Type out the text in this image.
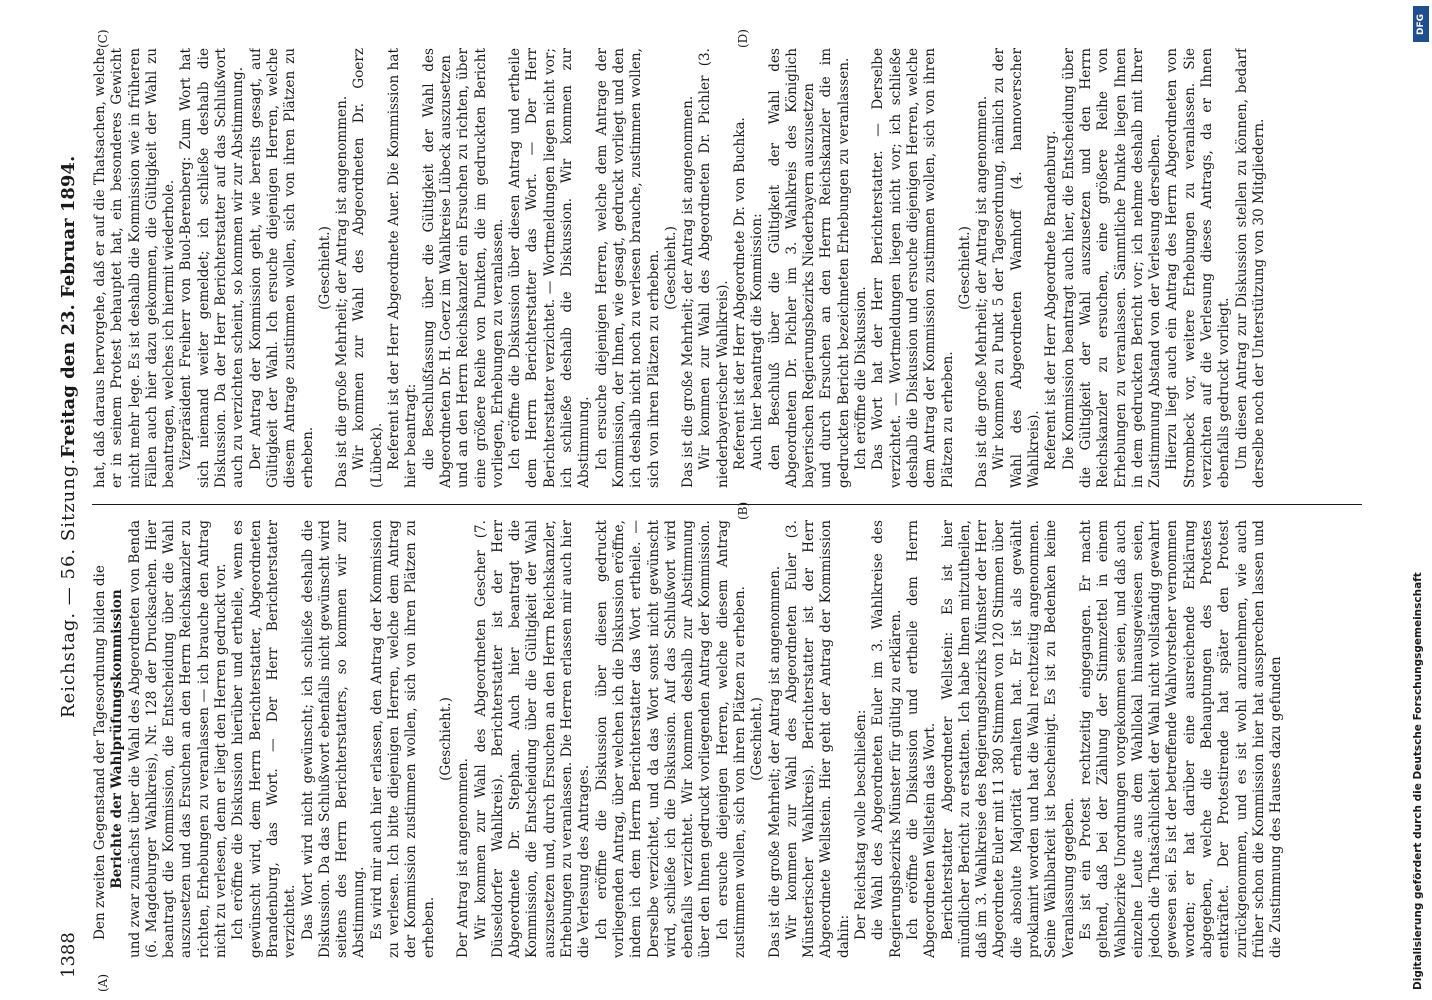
1388
Reichstag. — 56. Sitzung.
Freitag den 23. Februar 1894.
(A)
(B)
(C)	(D)

Den zweiten Gegenstand der Tagesordnung bilden die Berichte der Wahlprüfungskommission und zwar zunächst über die Wahl des Abgeordneten von Benda (6. Magdeburger Wahlkreis), Nr. 128 der Drucksachen. Hier beantragt die Kommission, die Entscheidung über die Wahl auszusetzen und das Ersuchen an den Herrn Reichskanzler zu richten, Erhebungen zu veranlassen — ich brauche den Antrag nicht zu verlesen, denn er liegt den Herren gedruckt vor. Ich eröffne die Diskussion hierüber und ertheile, wenn es gewünscht wird, dem Herrn Berichterstatter, Abgeordneten Brandenburg, das Wort. — Der Herr Berichterstatter verzichtet. Das Wort wird nicht gewünscht; ich schließe deshalb die Diskussion. Da das Schlußwort ebenfalls nicht gewünscht wird seitens des Herrn Berichterstatters, so kommen wir zur Abstimmung. Es wird mir auch hier erlassen, den Antrag der Kommission zu verlesen. Ich bitte diejenigen Herren, welche dem Antrag der Kommission zustimmen wollen, sich von ihren Plätzen zu erheben.

(Geschieht.)

Der Antrag ist angenommen. Wir kommen zur Wahl des Abgeordneten Gescher (7. Düsseldorfer Wahlkreis). Berichterstatter ist der Herr Abgeordnete Dr. Stephan. Auch hier beantragt die Kommission, die Entscheidung über die Gültigkeit der Wahl auszusetzen und, durch Ersuchen an den Herrn Reichskanzler, Erhebungen zu veranlassen. Die Herren erlassen mir auch hier die Verlesung des Antrages. Ich eröffne die Diskussion über diesen gedruckt vorliegenden Antrag, über welchen ich die Diskussion eröffne, indem ich dem Herrn Berichterstatter das Wort ertheile. — Derselbe verzichtet, und da das Wort sonst nicht gewünscht wird, schließe ich die Diskussion. Auf das Schlußwort wird ebenfalls verzichtet. Wir kommen deshalb zur Abstimmung über den Ihnen gedruckt vorliegenden Antrag der Kommission. Ich ersuche diejenigen Herren, welche diesem Antrag zustimmen wollen, sich von ihren Plätzen zu erheben. (Geschieht.) Das ist die große Mehrheit; der Antrag ist angenommen. Wir kommen zur Wahl des Abgeordneten Euler (3. Münsterischer Wahlkreis). Berichterstatter ist der Herr Abgeordnete Wellstein. Hier geht der Antrag der Kommission dahin: Der Reichstag wolle beschließen: die Wahl des Abgeordneten Euler im 3. Wahlkreise des Regierungsbezirks Münster für gültig zu erklären. Ich eröffne die Diskussion und ertheile dem Herrn Abgeordneten Wellstein das Wort. Berichterstatter Abgeordneter Wellstein: Es ist hier mündlicher Bericht zu erstatten. Ich habe Ihnen mitzutheilen, daß im 3. Wahlkreise des Regierungsbezirks Münster der Herr Abgeordnete Euler mit 11 380 Stimmen von 120 Stimmen über die absolute Majorität erhalten hat. Er ist als gewählt proklamirt worden und hat die Wahl rechtzeitig angenommen. Seine Wählbarkeit ist bescheinigt. Es ist zu Bedenken keine Veranlassung gegeben. Es ist ein Protest rechtzeitig eingegangen. Er macht geltend, daß bei der Zählung der Stimmzettel in einem Wahlbezirke Unordnungen vorgekommen seien, und daß auch einzelne Leute aus dem Wahllokal hinausgewiesen seien, jedoch die Thatsächlichkeit der Wahl nicht vollständig gewahrt gewesen sei. Es ist der betreffende Wahlvorsteher vernommen worden; er hat darüber eine ausreichende Erklärung abgegeben, welche die Behauptungen des Protestes entkräftet. Der Protestirende hat später den Protest zurückgenommen, und es ist wohl anzunehmen, wie auch früher schon die Kommission hier hat aussprechen lassen und die Zustimmung des Hauses dazu gefunden

hat, daß daraus hervorgehe, daß er auf die Thatsachen, welche er in seinem Protest behauptet hat, ein besonderes Gewicht nicht mehr lege. Es ist deshalb die Kommission wie in früheren Fällen auch hier dazu gekommen, die Gültigkeit der Wahl zu beantragen, welches ich hiermit wiederhole. Vizepräsident Freiherr von Buol-Berenberg: Zum Wort hat sich niemand weiter gemeldet; ich schließe deshalb die Diskussion. Da der Herr Berichterstatter auf das Schlußwort auch zu verzichten scheint, so kommen wir zur Abstimmung. Der Antrag der Kommission geht, wie bereits gesagt, auf Gültigkeit der Wahl. Ich ersuche diejenigen Herren, welche diesem Antrage zustimmen wollen, sich von ihren Plätzen zu erheben.

(Geschieht.) Das ist die große Mehrheit; der Antrag ist angenommen. Wir kommen zur Wahl des Abgeordneten Dr. Goerz (Lübeck). Referent ist der Herr Abgeordnete Auer. Die Kommission hat hier beantragt: die Beschlußfassung über die Gültigkeit der Wahl des Abgeordneten Dr. H. Goerz im Wahlkreise Lübeck auszusetzen und an den Herrn Reichskanzler ein Ersuchen zu richten, über eine größere Reihe von Punkten, die im gedruckten Bericht vorliegen, Erhebungen zu veranlassen. Ich eröffne die Diskussion über diesen Antrag und ertheile dem Herrn Berichterstatter das Wort. — Der Herr Berichterstatter verzichtet. — Wortmeldungen liegen nicht vor; ich schließe deshalb die Diskussion. Wir kommen zur Abstimmung. Ich ersuche diejenigen Herren, welche dem Antrage der Kommission, der Ihnen, wie gesagt, gedruckt vorliegt und den ich deshalb nicht noch zu verlesen brauche, zustimmen wollen, sich von ihren Plätzen zu erheben. (Geschieht.) Das ist die große Mehrheit; der Antrag ist angenommen. Wir kommen zur Wahl des Abgeordneten Dr. Pichler (3. niederbayerischer Wahlkreis). Referent ist der Herr Abgeordnete Dr. von Buchka. Auch hier beantragt die Kommission: den Beschluß über die Gültigkeit der Wahl des Abgeordneten Dr. Pichler im 3. Wahlkreis des Königlich bayerischen Regierungsbezirks Niederbayern auszusetzen und durch Ersuchen an den Herrn Reichskanzler die im gedruckten Bericht bezeichneten Erhebungen zu veranlassen. Ich eröffne die Diskussion. Das Wort hat der Herr Berichterstatter. — Derselbe verzichtet. — Wortmeldungen liegen nicht vor; ich schließe deshalb die Diskussion und ersuche diejenigen Herren, welche dem Antrag der Kommission zustimmen wollen, sich von ihren Plätzen zu erheben.

(Geschieht.) Das ist die große Mehrheit; der Antrag ist angenommen. Wir kommen zu Punkt 5 der Tagesordnung, nämlich zu der Wahl des Abgeordneten Wamhoff (4. hannoverscher Wahlkreis). Referent ist der Herr Abgeordnete Brandenburg. Die Kommission beantragt auch hier, die Entscheidung über die Gültigkeit der Wahl auszusetzen und den Herrn Reichskanzler zu ersuchen, eine größere Reihe von Erhebungen zu veranlassen. Sämmtliche Punkte liegen Ihnen in dem gedruckten Bericht vor; ich nehme deshalb mit Ihrer Zustimmung Abstand von der Verlesung derselben. Hierzu liegt auch ein Antrag des Herrn Abgeordneten von Strombeck vor, weitere Erhebungen zu veranlassen. Sie verzichten auf die Verlesung dieses Antrags, da er Ihnen ebenfalls gedruckt vorliegt. Um diesen Antrag zur Diskussion stellen zu können, bedarf derselbe noch der Unterstützung von 30 Mitgliedern.

DFG
Digitalisierung gefördert durch die Deutsche Forschungsgemeinschaft
